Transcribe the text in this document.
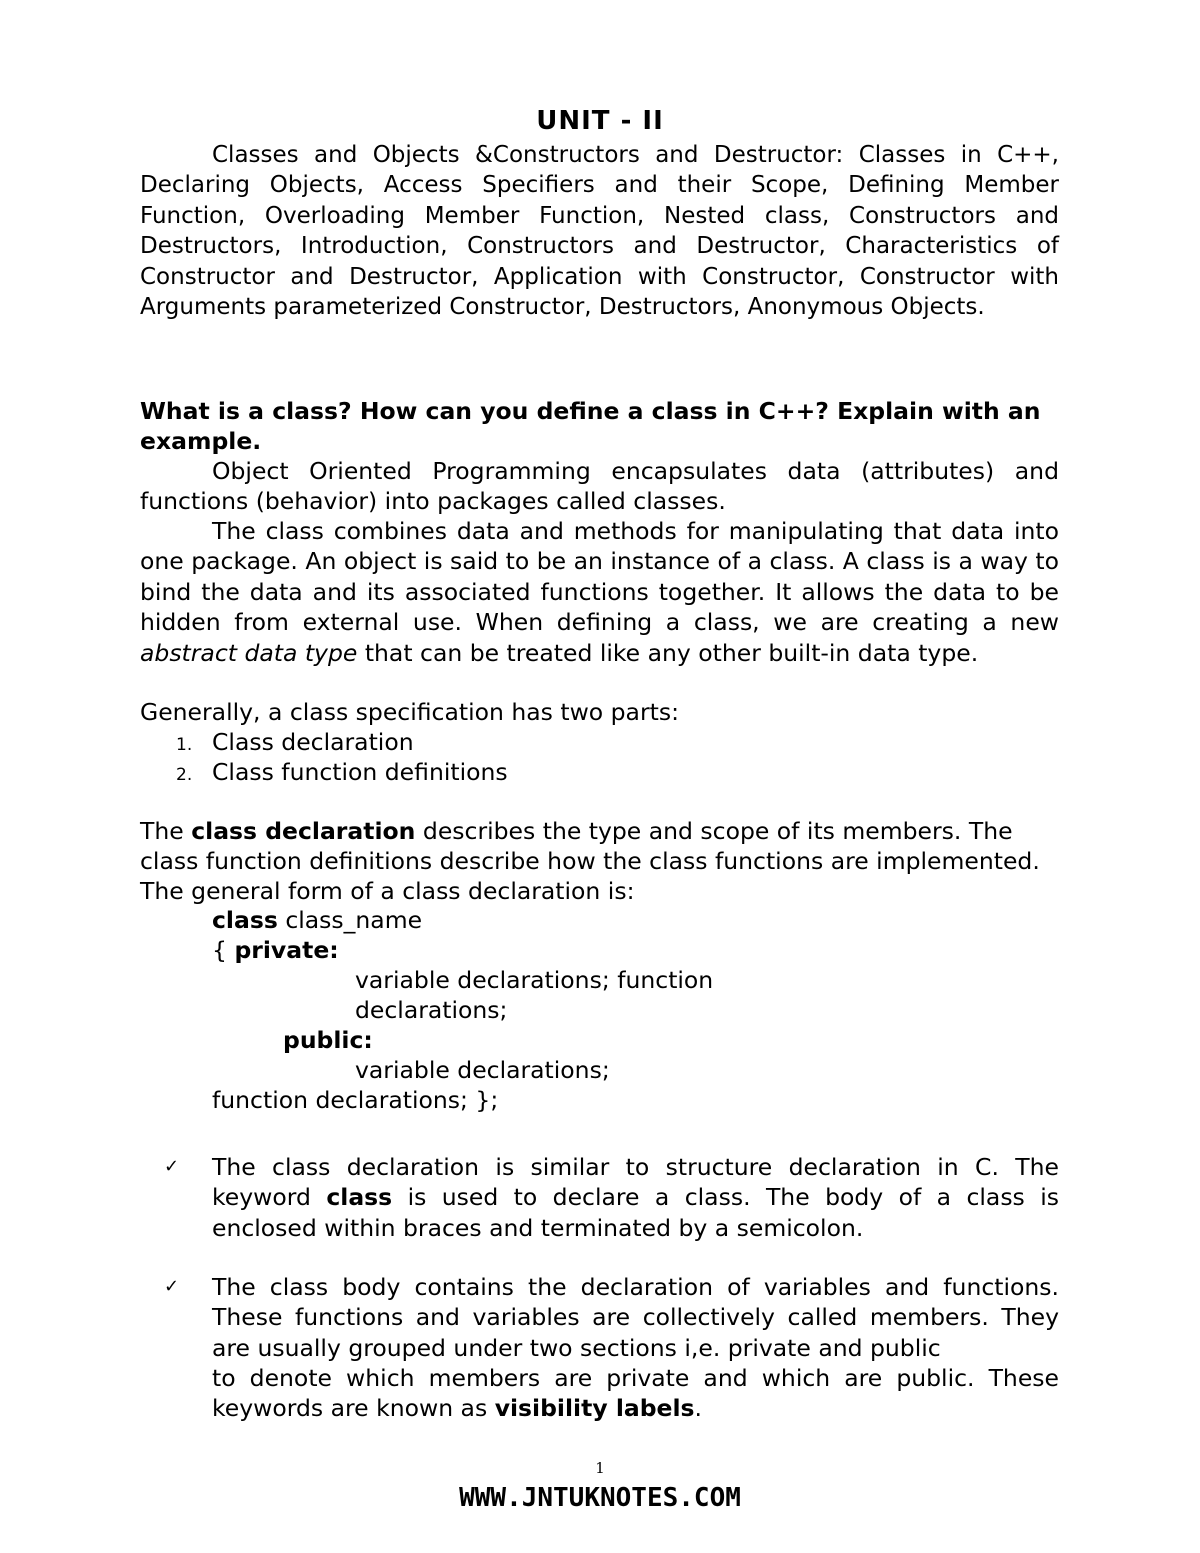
UNIT - II

Classes and Objects &Constructors and Destructor: Classes in C++, Declaring Objects, Access Specifiers and their Scope, Defining Member Function, Overloading Member Function, Nested class, Constructors and Destructors, Introduction, Constructors and Destructor, Characteristics of Constructor and Destructor, Application with Constructor, Constructor with Arguments parameterized Constructor, Destructors, Anonymous Objects.

What is a class? How can you define a class in C++? Explain with an example.

Object Oriented Programming encapsulates data (attributes) and functions (behavior) into packages called classes.

The class combines data and methods for manipulating that data into one package. An object is said to be an instance of a class. A class is a way to bind the data and its associated functions together. It allows the data to be hidden from external use. When defining a class, we are creating a new abstract data type that can be treated like any other built-in data type.

Generally, a class specification has two parts:

1. Class declaration
2. Class function definitions

The class declaration describes the type and scope of its members. The class function definitions describe how the class functions are implemented.

The general form of a class declaration is:

class class_name
{ private:
variable declarations; function
declarations;
public:
variable declarations;
function declarations; };
✓ The class declaration is similar to structure declaration in C. The keyword class is used to declare a class. The body of a class is enclosed within braces and terminated by a semicolon.

✓ The class body contains the declaration of variables and functions. These functions and variables are collectively called members. They are usually grouped under two sections i,e. private and public

to denote which members are private and which are public. These keywords are known as visibility labels.

1
WWW.JNTUKNOTES.COM
